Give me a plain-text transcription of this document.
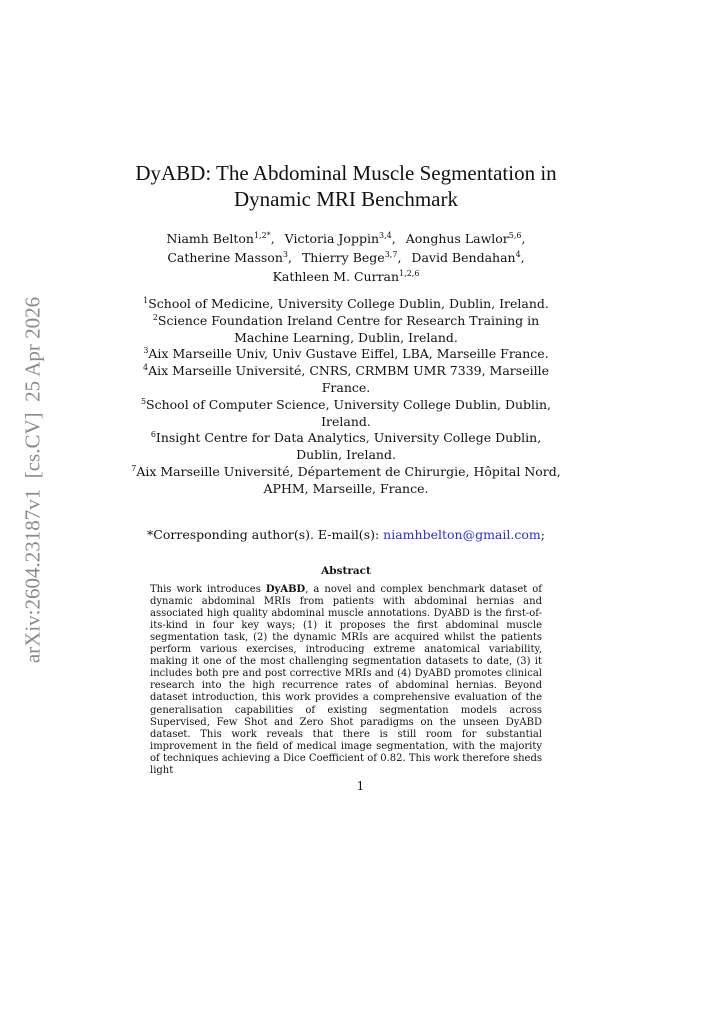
arXiv:2604.23187v1  [cs.CV]  25 Apr 2026
DyABD: The Abdominal Muscle Segmentation in
Dynamic MRI Benchmark
Niamh Belton$^{1,2*}$, Victoria Joppin$^{3,4}$, Aonghus Lawlor$^{5,6}$,
Catherine Masson$^3$, Thierry Bege$^{3,7}$, David Bendahan$^4$,
Kathleen M. Curran$^{1,2,6}$

$^1$School of Medicine, University College Dublin, Dublin, Ireland.

$^2$Science Foundation Ireland Centre for Research Training in Machine Learning, Dublin, Ireland.

$^3$Aix Marseille Univ, Univ Gustave Eiffel, LBA, Marseille France.

$^4$Aix Marseille Université, CNRS, CRMBM UMR 7339, Marseille France.

$^5$School of Computer Science, University College Dublin, Dublin, Ireland.

$^6$Insight Centre for Data Analytics, University College Dublin, Dublin, Ireland.

$^7$Aix Marseille Université, Département de Chirurgie, Hôpital Nord, APHM, Marseille, France.

*Corresponding author(s). E-mail(s): niamhbelton@gmail.com;

Abstract
This work introduces DyABD, a novel and complex benchmark dataset of dynamic abdominal MRIs from patients with abdominal hernias and associated high quality abdominal muscle annotations. DyABD is the first-of-its-kind in four key ways; (1) it proposes the first abdominal muscle segmentation task, (2) the dynamic MRIs are acquired whilst the patients perform various exercises, introducing extreme anatomical variability, making it one of the most challenging segmentation datasets to date, (3) it includes both pre and post corrective MRIs and (4) DyABD promotes clinical research into the high recurrence rates of abdominal hernias. Beyond dataset introduction, this work provides a comprehensive evaluation of the generalisation capabilities of existing segmentation models across Supervised, Few Shot and Zero Shot paradigms on the unseen DyABD dataset. This work reveals that there is still room for substantial improvement in the field of medical image segmentation, with the majority of techniques achieving a Dice Coefficient of 0.82. This work therefore sheds light
1
